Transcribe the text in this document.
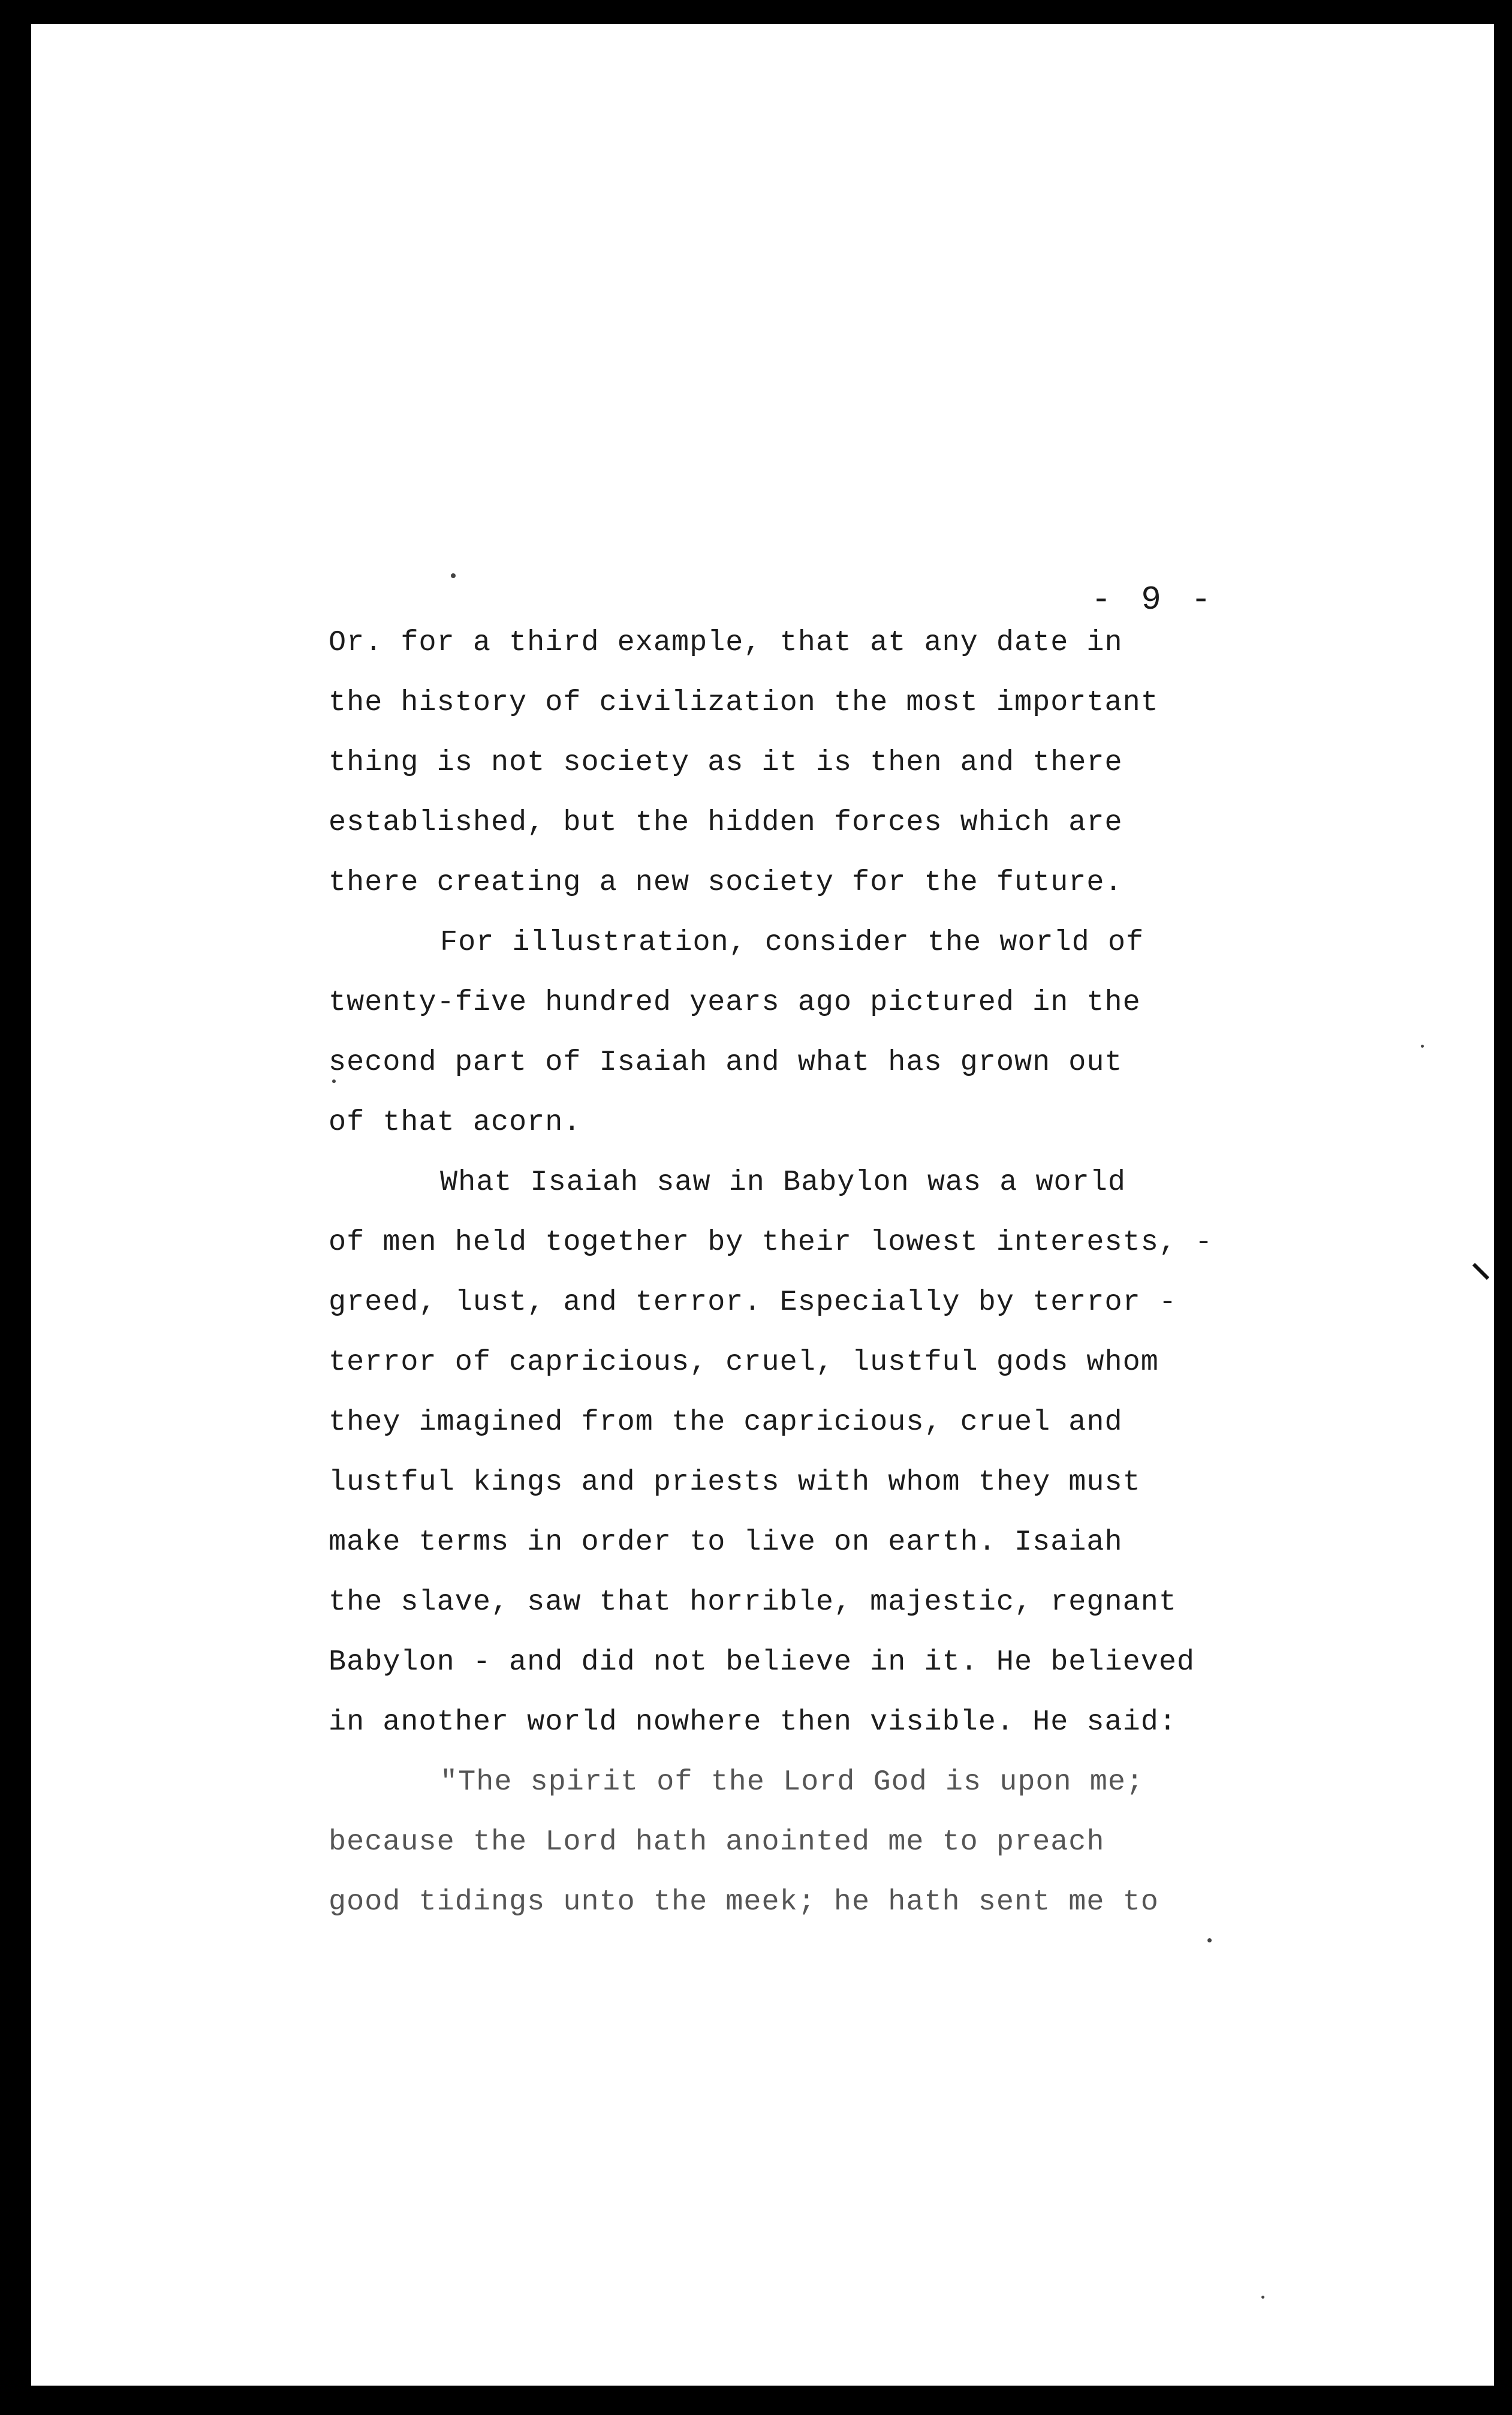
- 9 -
Or. for a third example, that at any date in
the history of civilization the most important
thing is not society as it is then and there
established, but the hidden forces which are
there creating a new society for the future.
For illustration, consider the world of
twenty-five hundred years ago pictured in the
second part of Isaiah and what has grown out
of that acorn.
What Isaiah saw in Babylon was a world
of men held together by their lowest interests, -
greed, lust, and terror. Especially by terror -
terror of capricious, cruel, lustful gods whom
they imagined from the capricious, cruel and
lustful kings and priests with whom they must
make terms in order to live on earth. Isaiah
the slave, saw that horrible, majestic, regnant
Babylon - and did not believe in it. He believed
in another world nowhere then visible. He said:
"The spirit of the Lord God is upon me;
because the Lord hath anointed me to preach
good tidings unto the meek; he hath sent me to
